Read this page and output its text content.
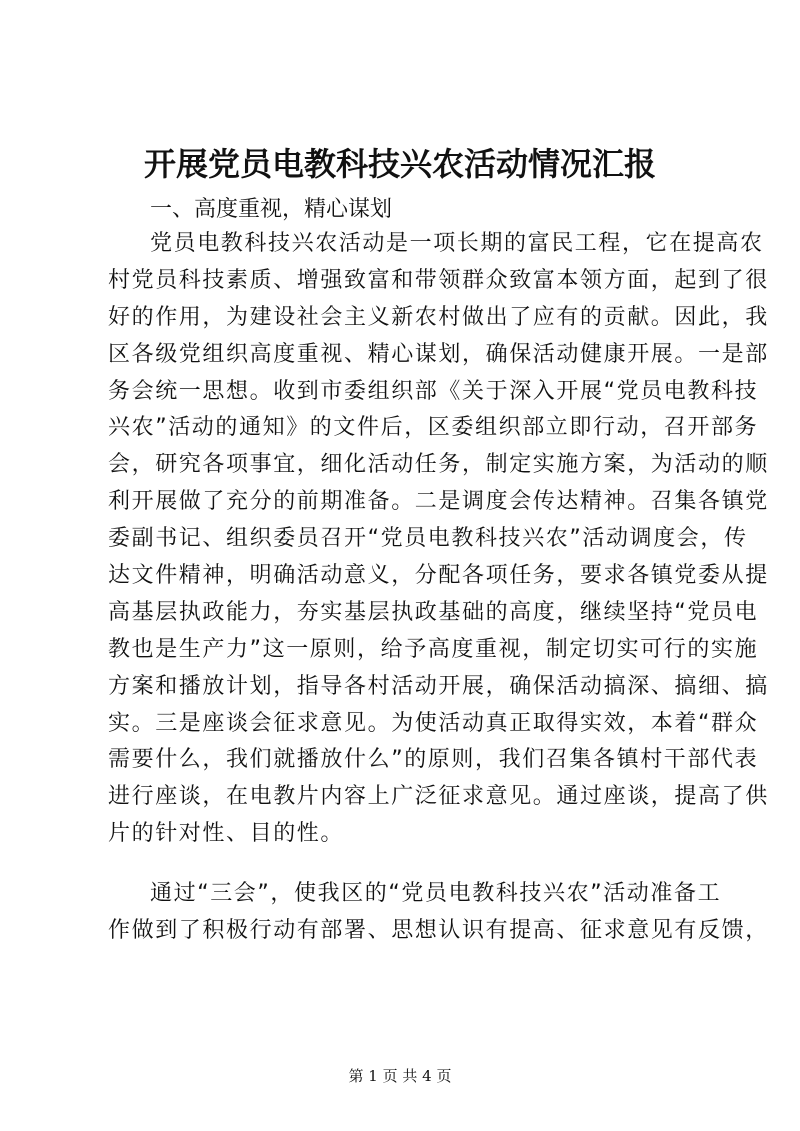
开展党员电教科技兴农活动情况汇报

一、高度重视，精心谋划

党员电教科技兴农活动是一项长期的富民工程，它在提高农
村党员科技素质、增强致富和带领群众致富本领方面，起到了很
好的作用，为建设社会主义新农村做出了应有的贡献。因此，我
区各级党组织高度重视、精心谋划，确保活动健康开展。一是部
务会统一思想。收到市委组织部《关于深入开展“党员电教科技
兴农”活动的通知》的文件后，区委组织部立即行动，召开部务
会，研究各项事宜，细化活动任务，制定实施方案，为活动的顺
利开展做了充分的前期准备。二是调度会传达精神。召集各镇党
委副书记、组织委员召开“党员电教科技兴农”活动调度会，传
达文件精神，明确活动意义，分配各项任务，要求各镇党委从提
高基层执政能力，夯实基层执政基础的高度，继续坚持“党员电
教也是生产力”这一原则，给予高度重视，制定切实可行的实施
方案和播放计划，指导各村活动开展，确保活动搞深、搞细、搞
实。三是座谈会征求意见。为使活动真正取得实效，本着“群众
需要什么，我们就播放什么”的原则，我们召集各镇村干部代表
进行座谈，在电教片内容上广泛征求意见。通过座谈，提高了供
片的针对性、目的性。
通过“三会”，使我区的“党员电教科技兴农”活动准备工
作做到了积极行动有部署、思想认识有提高、征求意见有反馈，

第 1 页 共 4 页
